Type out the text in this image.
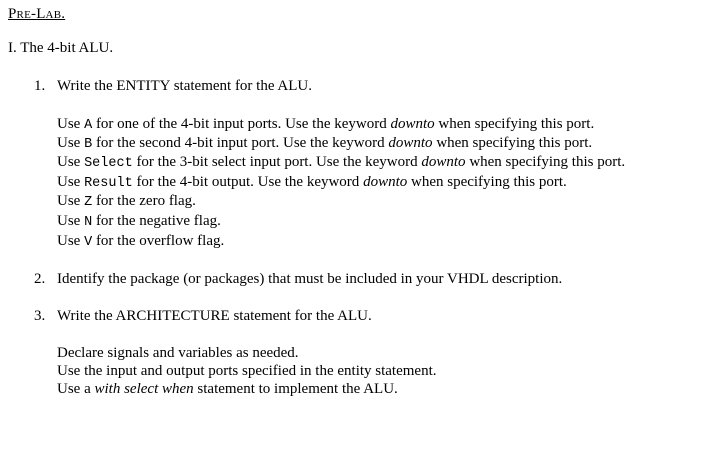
Pre-Lab.
I. The 4-bit ALU.
1. Write the ENTITY statement for the ALU.
Use A for one of the 4-bit input ports. Use the keyword downto when specifying this port.
Use B for the second 4-bit input port. Use the keyword downto when specifying this port.
Use Select for the 3-bit select input port. Use the keyword downto when specifying this port.
Use Result for the 4-bit output. Use the keyword downto when specifying this port.
Use Z for the zero flag.
Use N for the negative flag.
Use V for the overflow flag.
2. Identify the package (or packages) that must be included in your VHDL description.
3. Write the ARCHITECTURE statement for the ALU.
Declare signals and variables as needed.
Use the input and output ports specified in the entity statement.
Use a with select when statement to implement the ALU.
